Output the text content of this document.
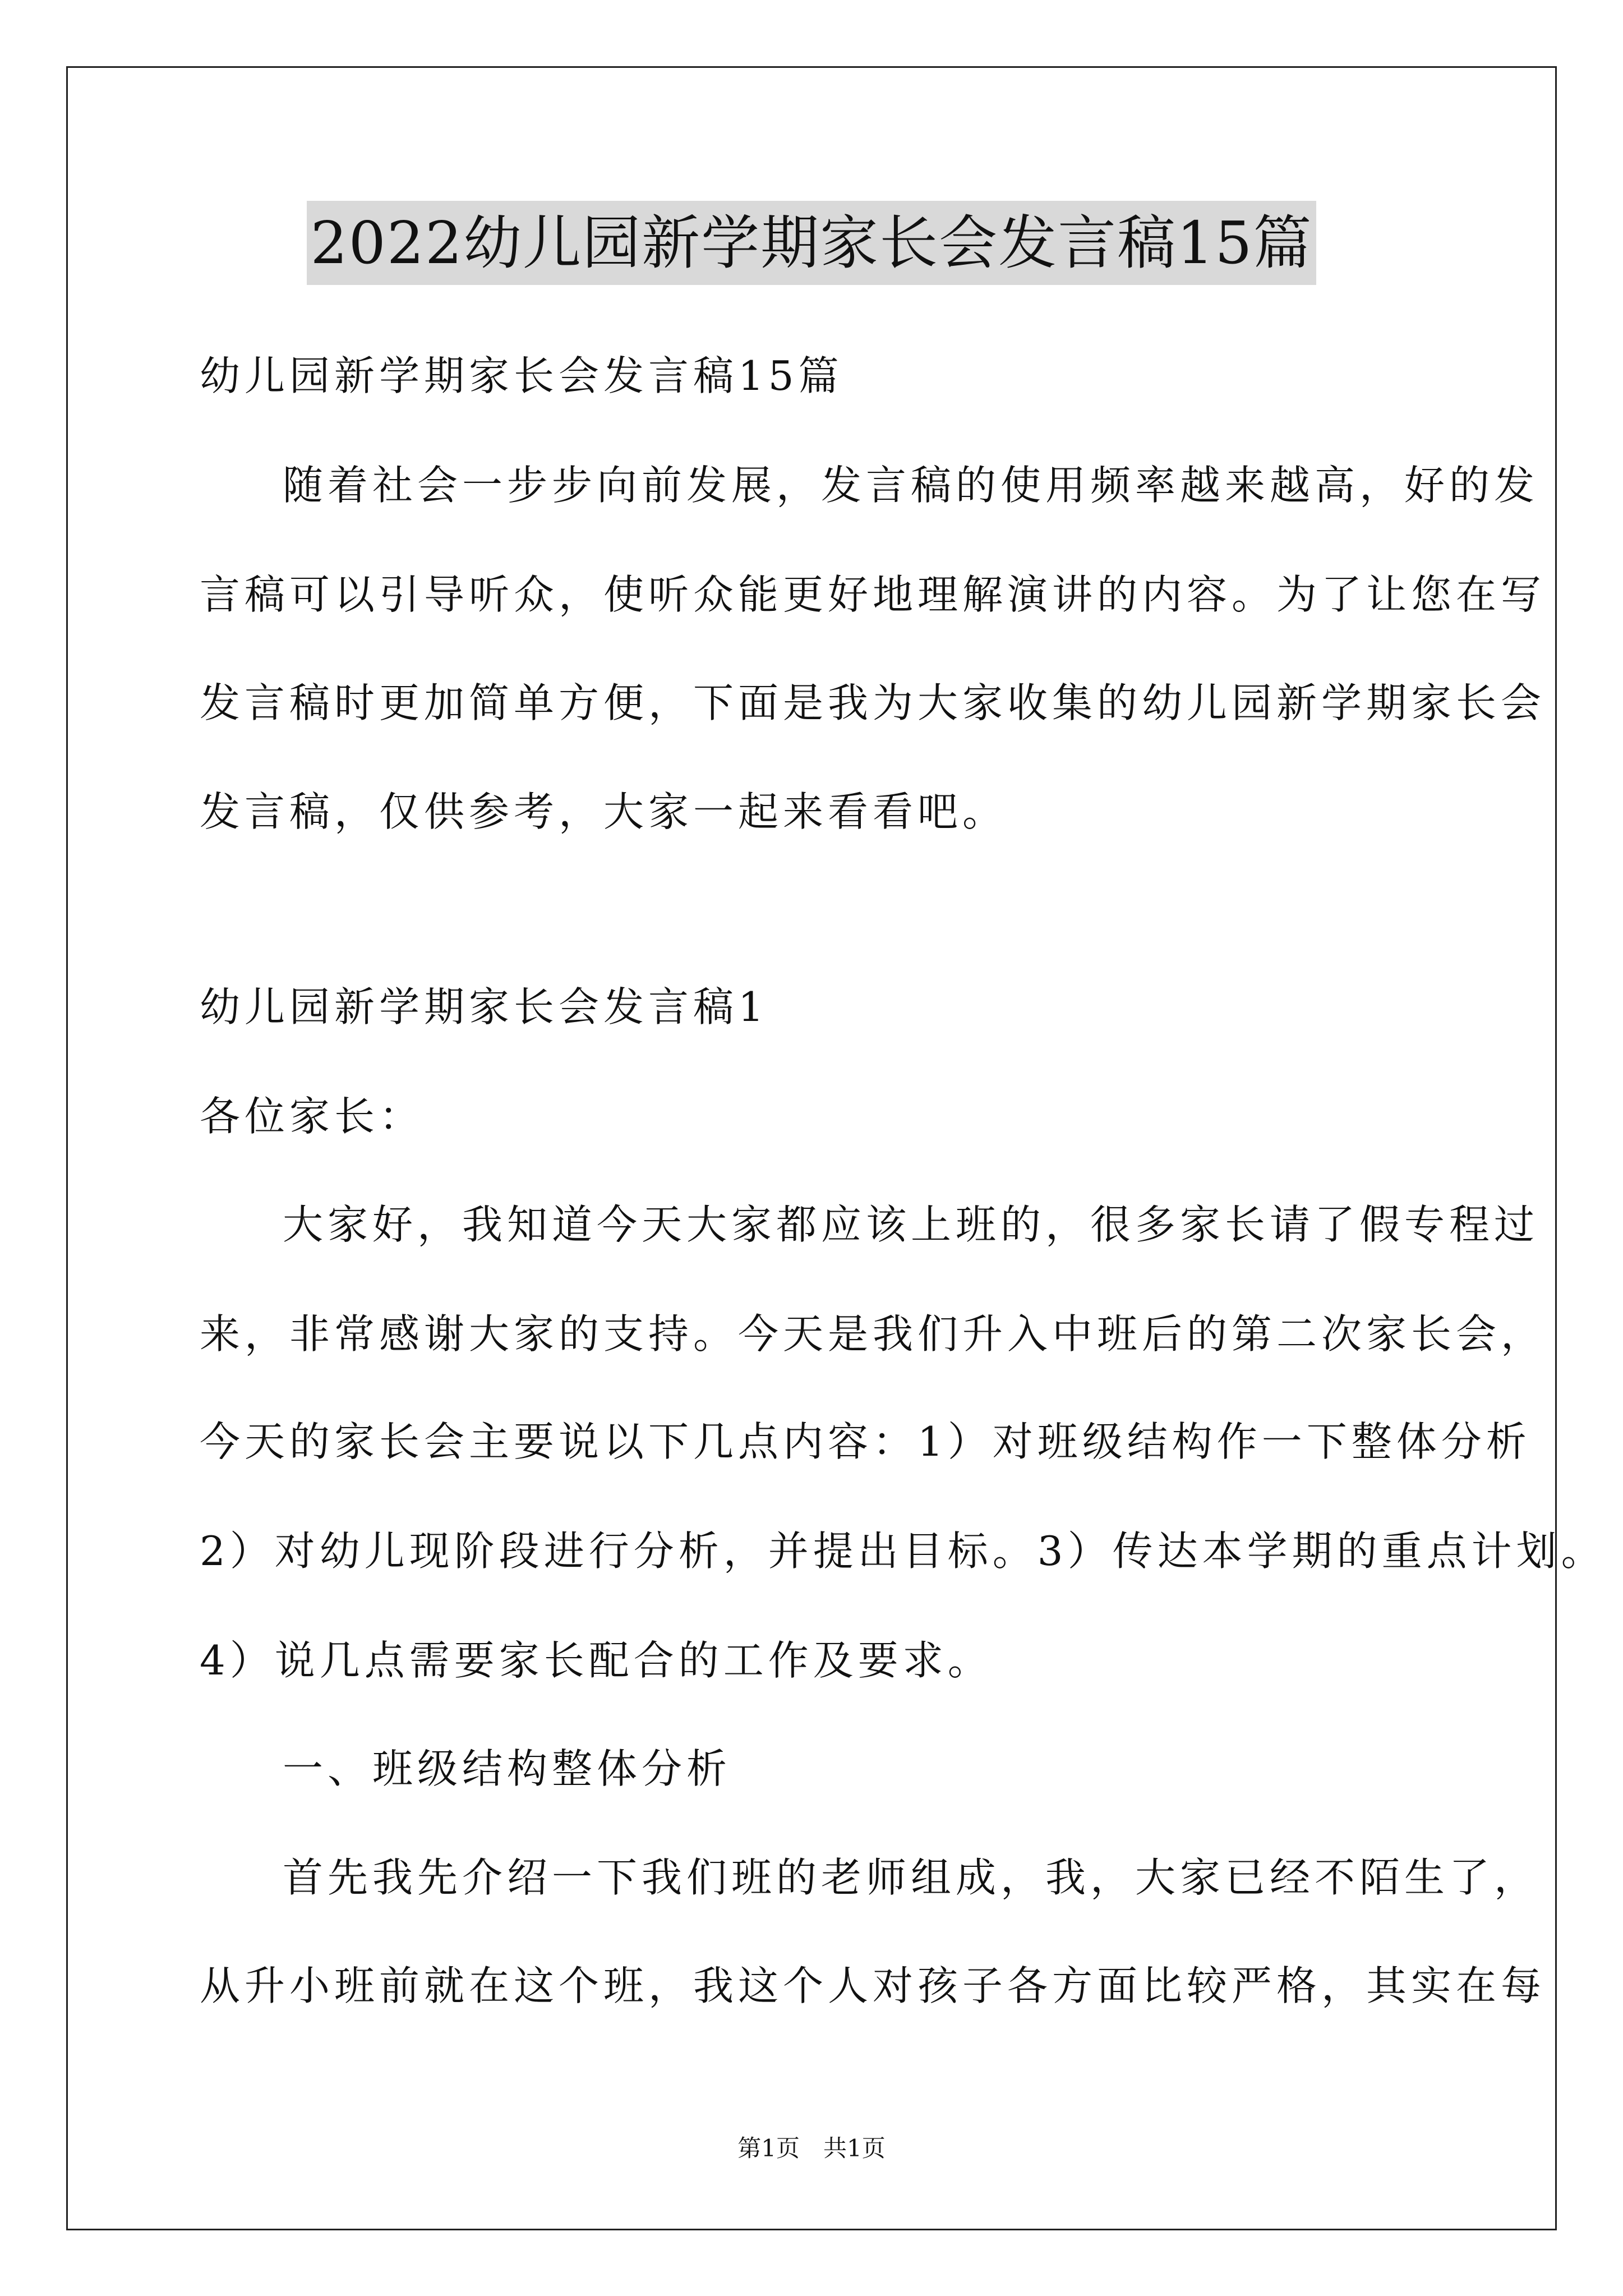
2022幼儿园新学期家长会发言稿15篇
幼儿园新学期家长会发言稿15篇
随着社会一步步向前发展，发言稿的使用频率越来越高，好的发
言稿可以引导听众，使听众能更好地理解演讲的内容。为了让您在写
发言稿时更加简单方便，下面是我为大家收集的幼儿园新学期家长会
发言稿，仅供参考，大家一起来看看吧。
幼儿园新学期家长会发言稿1
各位家长：
大家好，我知道今天大家都应该上班的，很多家长请了假专程过
来，非常感谢大家的支持。今天是我们升入中班后的第二次家长会，
今天的家长会主要说以下几点内容：1）对班级结构作一下整体分析
2）对幼儿现阶段进行分析，并提出目标。3）传达本学期的重点计划。
4）说几点需要家长配合的工作及要求。
一、班级结构整体分析
首先我先介绍一下我们班的老师组成，我，大家已经不陌生了，
从升小班前就在这个班，我这个人对孩子各方面比较严格，其实在每
第1页　共1页
